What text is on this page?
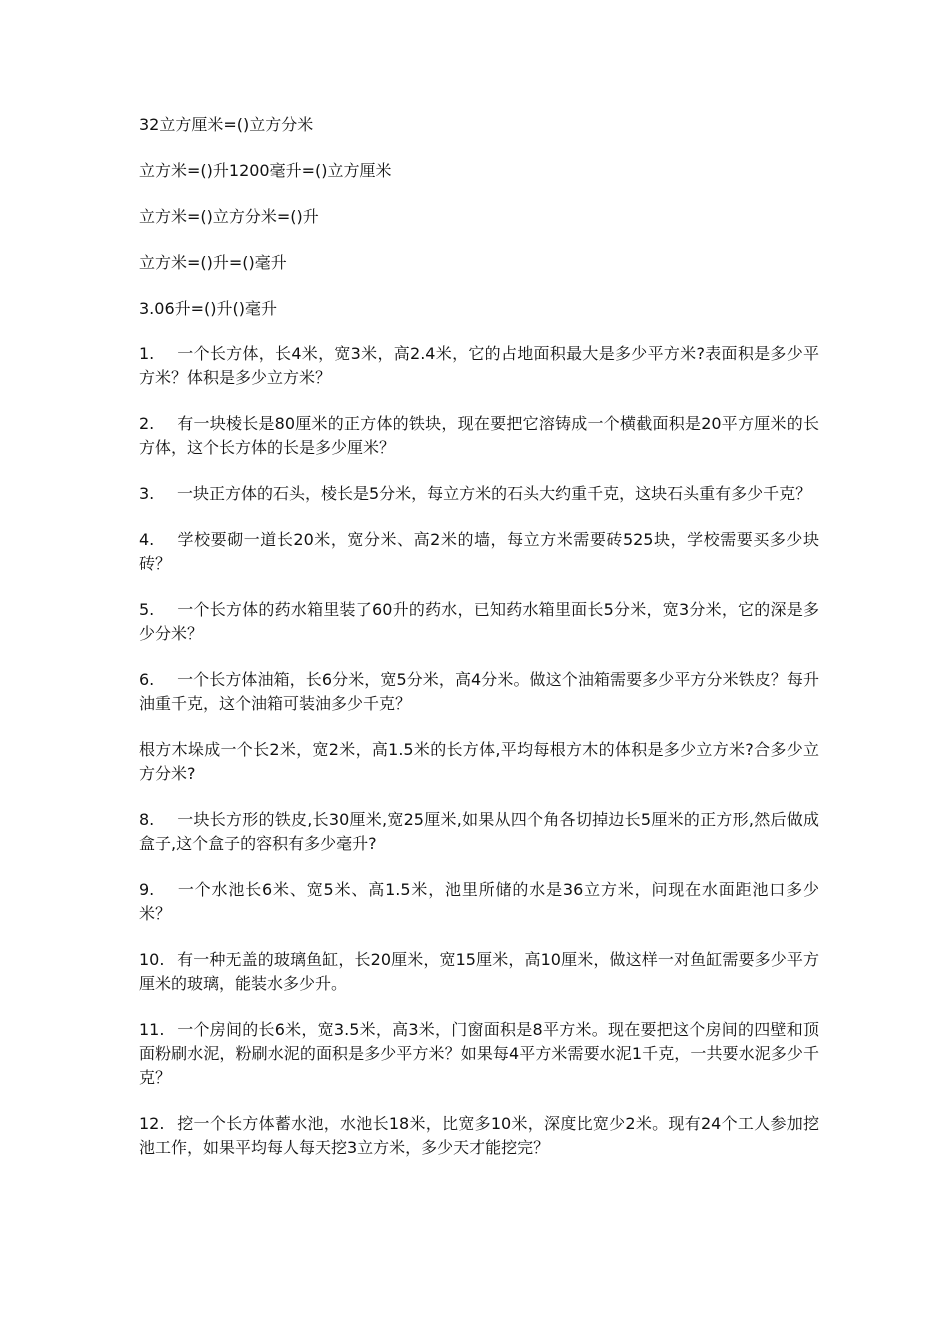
32立方厘米=()立方分米
立方米=()升1200毫升=()立方厘米
立方米=()立方分米=()升
立方米=()升=()毫升
3.06升=()升()毫升
1. 一个长方体，长4米，宽3米，高2.4米，它的占地面积最大是多少平方米?表面积是多少平方米？体积是多少立方米？
2. 有一块棱长是80厘米的正方体的铁块，现在要把它溶铸成一个横截面积是20平方厘米的长方体，这个长方体的长是多少厘米？
3. 一块正方体的石头，棱长是5分米，每立方米的石头大约重千克，这块石头重有多少千克？
4. 学校要砌一道长20米，宽分米、高2米的墙，每立方米需要砖525块，学校需要买多少块砖？
5. 一个长方体的药水箱里装了60升的药水，已知药水箱里面长5分米，宽3分米，它的深是多少分米？
6. 一个长方体油箱，长6分米，宽5分米，高4分米。做这个油箱需要多少平方分米铁皮？每升油重千克，这个油箱可装油多少千克？
根方木垛成一个长2米，宽2米，高1.5米的长方体,平均每根方木的体积是多少立方米?合多少立方分米?
8. 一块长方形的铁皮,长30厘米,宽25厘米,如果从四个角各切掉边长5厘米的正方形,然后做成盒子,这个盒子的容积有多少毫升?
9. 一个水池长6米、宽5米、高1.5米，池里所储的水是36立方米，问现在水面距池口多少米？
10. 有一种无盖的玻璃鱼缸，长20厘米，宽15厘米，高10厘米，做这样一对鱼缸需要多少平方厘米的玻璃，能装水多少升。
11. 一个房间的长6米，宽3.5米，高3米，门窗面积是8平方米。现在要把这个房间的四壁和顶面粉刷水泥，粉刷水泥的面积是多少平方米？如果每4平方米需要水泥1千克，一共要水泥多少千克？
12. 挖一个长方体蓄水池，水池长18米，比宽多10米，深度比宽少2米。现有24个工人参加挖池工作，如果平均每人每天挖3立方米，多少天才能挖完？
